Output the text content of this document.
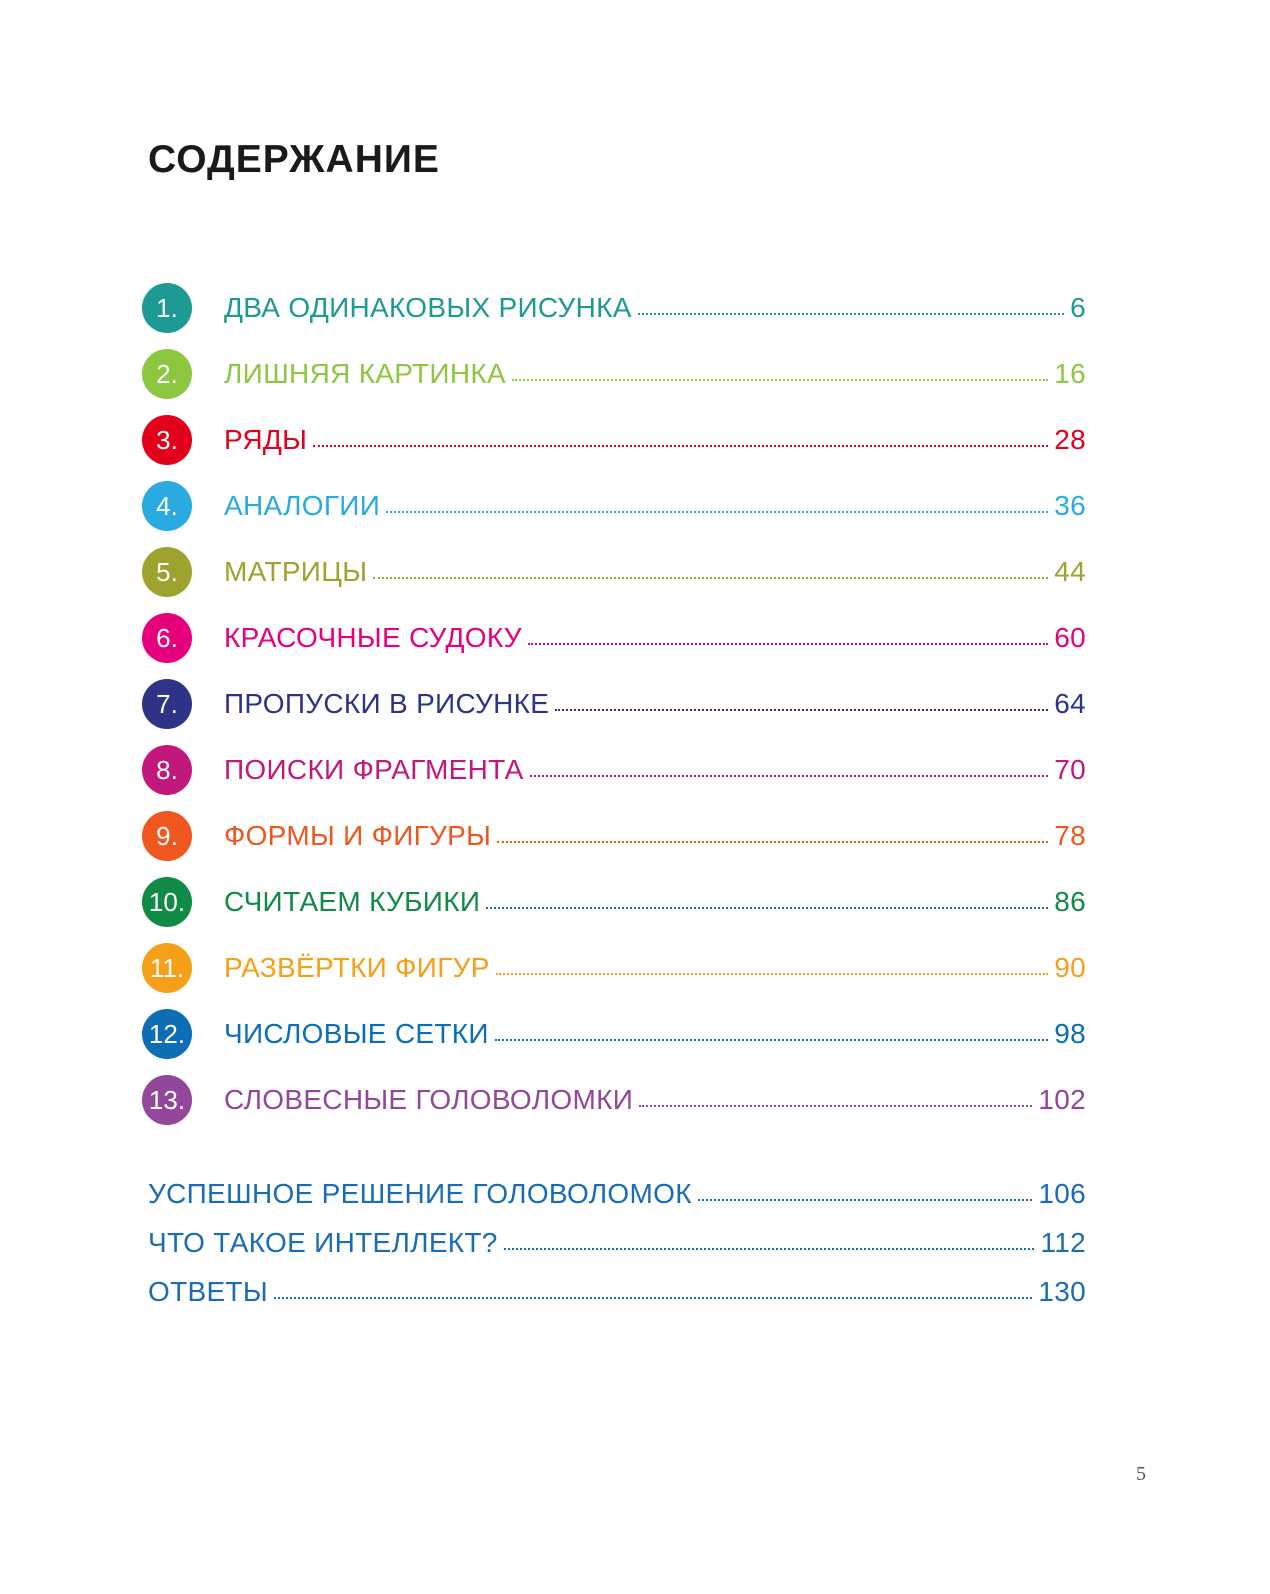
СОДЕРЖАНИЕ
1.	ДВА ОДИНАКОВЫХ РИСУНКА	6
2.	ЛИШНЯЯ КАРТИНКА	16
3.	РЯДЫ	28
4.	АНАЛОГИИ	36
5.	МАТРИЦЫ	44
6.	КРАСОЧНЫЕ СУДОКУ	60
7.	ПРОПУСКИ В РИСУНКЕ	64
8.	ПОИСКИ ФРАГМЕНТА	70
9.	ФОРМЫ И ФИГУРЫ	78
10. СЧИТАЕМ КУБИКИ	86
11. РАЗВЁРТКИ ФИГУР	90
12. ЧИСЛОВЫЕ СЕТКИ	98
13. СЛОВЕСНЫЕ ГОЛОВОЛОМКИ	102
УСПЕШНОЕ РЕШЕНИЕ ГОЛОВОЛОМОК	106
ЧТО ТАКОЕ ИНТЕЛЛЕКТ?	112
ОТВЕТЫ	130
5
